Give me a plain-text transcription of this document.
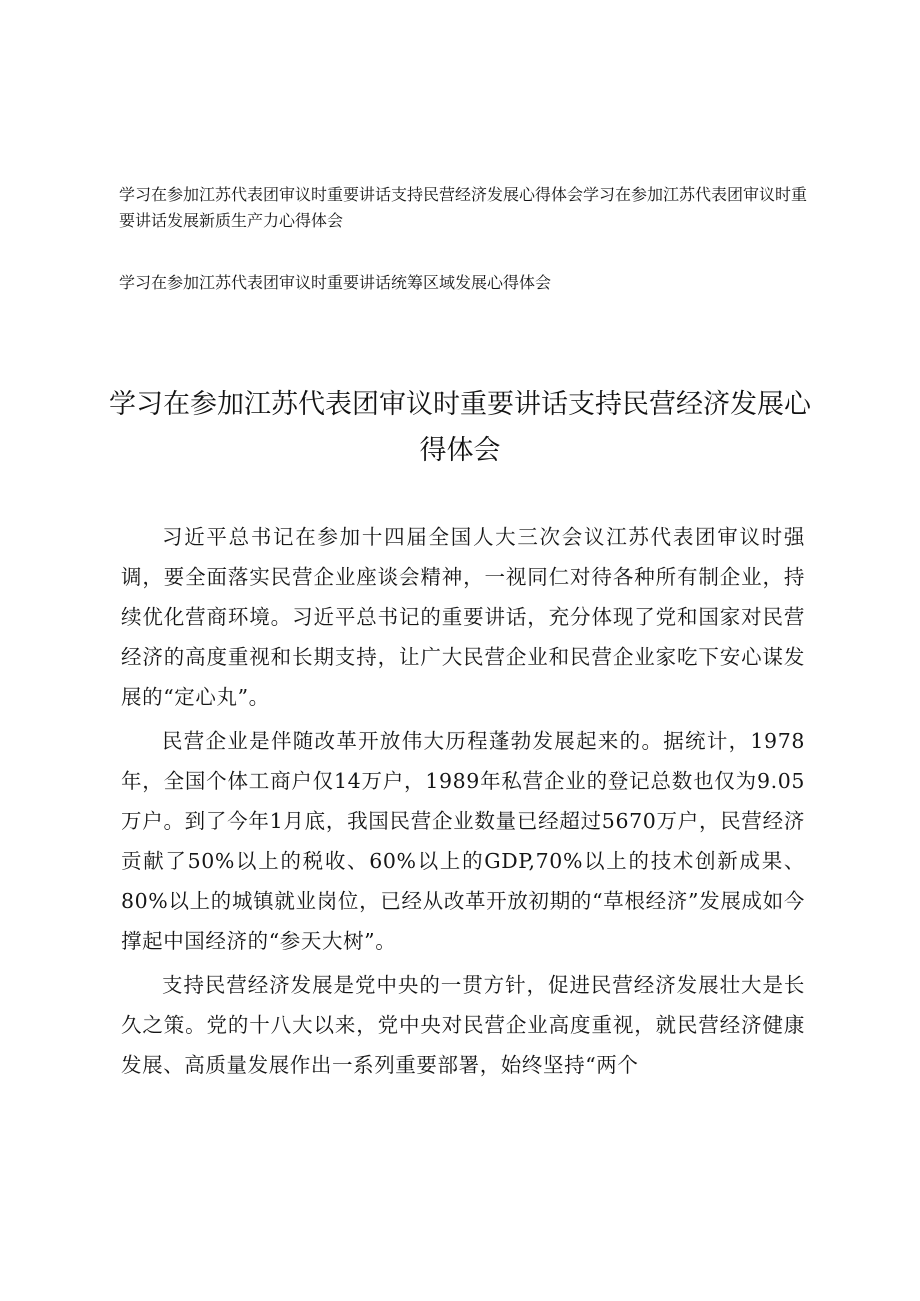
学习在参加江苏代表团审议时重要讲话支持民营经济发展心得体会学习在参加江苏代表团审议时重要讲话发展新质生产力心得体会

学习在参加江苏代表团审议时重要讲话统筹区域发展心得体会

学习在参加江苏代表团审议时重要讲话支持民营经济发展心得体会

习近平总书记在参加十四届全国人大三次会议江苏代表团审议时强调，要全面落实民营企业座谈会精神，一视同仁对待各种所有制企业，持续优化营商环境。习近平总书记的重要讲话，充分体现了党和国家对民营经济的高度重视和长期支持，让广大民营企业和民营企业家吃下安心谋发展的“定心丸”。

民营企业是伴随改革开放伟大历程蓬勃发展起来的。据统计，1978年，全国个体工商户仅14万户，1989年私营企业的登记总数也仅为9.05万户。到了今年1月底，我国民营企业数量已经超过5670万户，民营经济贡献了50%以上的税收、60%以上的GDP,70%以上的技术创新成果、80%以上的城镇就业岗位，已经从改革开放初期的“草根经济”发展成如今撑起中国经济的“参天大树”。

支持民营经济发展是党中央的一贯方针，促进民营经济发展壮大是长久之策。党的十八大以来，党中央对民营企业高度重视，就民营经济健康发展、高质量发展作出一系列重要部署，始终坚持“两个
